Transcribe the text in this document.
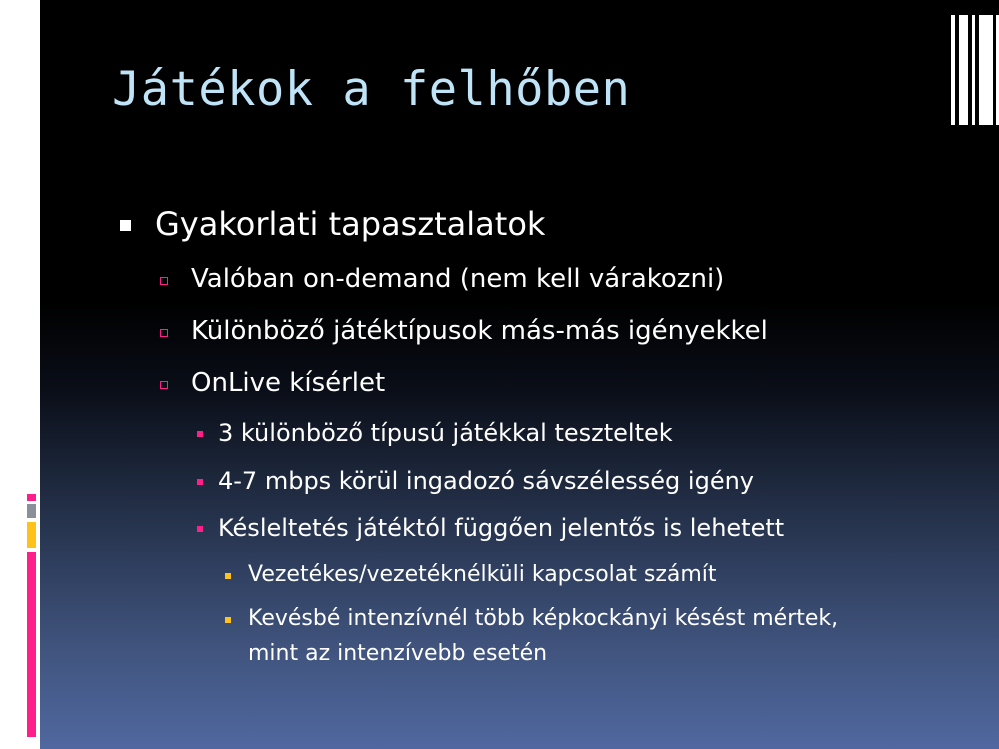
Játékok a felhőben
Gyakorlati tapasztalatok
Valóban on-demand (nem kell várakozni)
Különböző játéktípusok más-más igényekkel
OnLive kísérlet
3 különböző típusú játékkal teszteltek
4-7 mbps körül ingadozó sávszélesség igény
Késleltetés játéktól függően jelentős is lehetett
Vezetékes/vezetéknélküli kapcsolat számít
Kevésbé intenzívnél több képkockányi késést mértek,
mint az intenzívebb esetén
